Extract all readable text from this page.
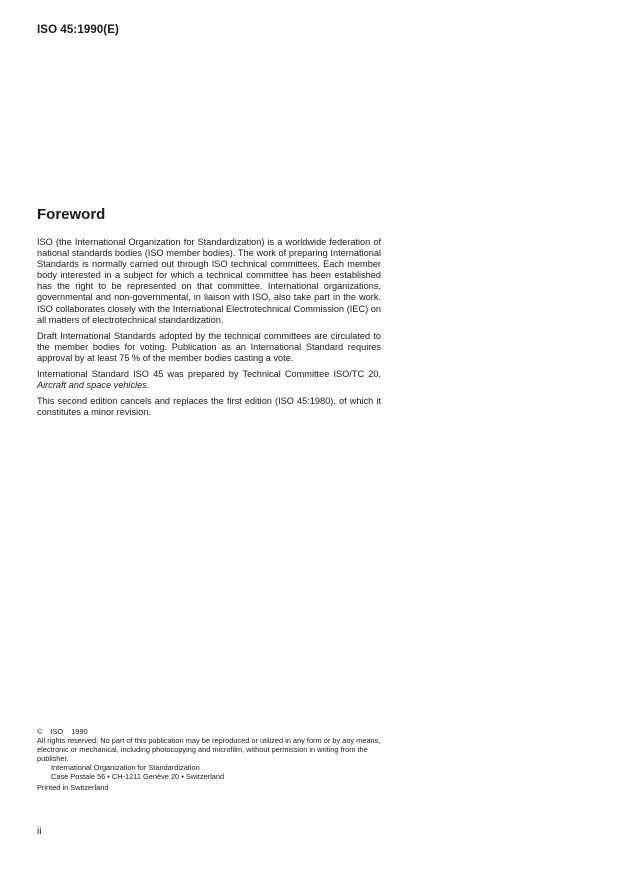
ISO 45:1990(E)
Foreword

ISO (the International Organization for Standardization) is a worldwide federation of national standards bodies (ISO member bodies). The work of preparing International Standards is normally carried out through ISO technical committees. Each member body interested in a subject for which a technical committee has been established has the right to be represented on that committee. International organizations, governmental and non-governmental, in liaison with ISO, also take part in the work. ISO collaborates closely with the International Electrotechnical Commission (IEC) on all matters of electrotechnical standardization.

Draft International Standards adopted by the technical committees are circulated to the member bodies for voting. Publication as an International Standard requires approval by at least 75 % of the member bodies casting a vote.

International Standard ISO 45 was prepared by Technical Committee ISO/TC 20, Aircraft and space vehicles.

This second edition cancels and replaces the first edition (ISO 45:1980), of which it constitutes a minor revision.

© ISO 1990
All rights reserved. No part of this publication may be reproduced or utilized in any form or by any means, electronic or mechanical, including photocopying and microfilm, without permission in writing from the publisher.
International Organization for Standardization
Case Postale 56 • CH-1211 Genève 20 • Switzerland
Printed in Switzerland
ii
